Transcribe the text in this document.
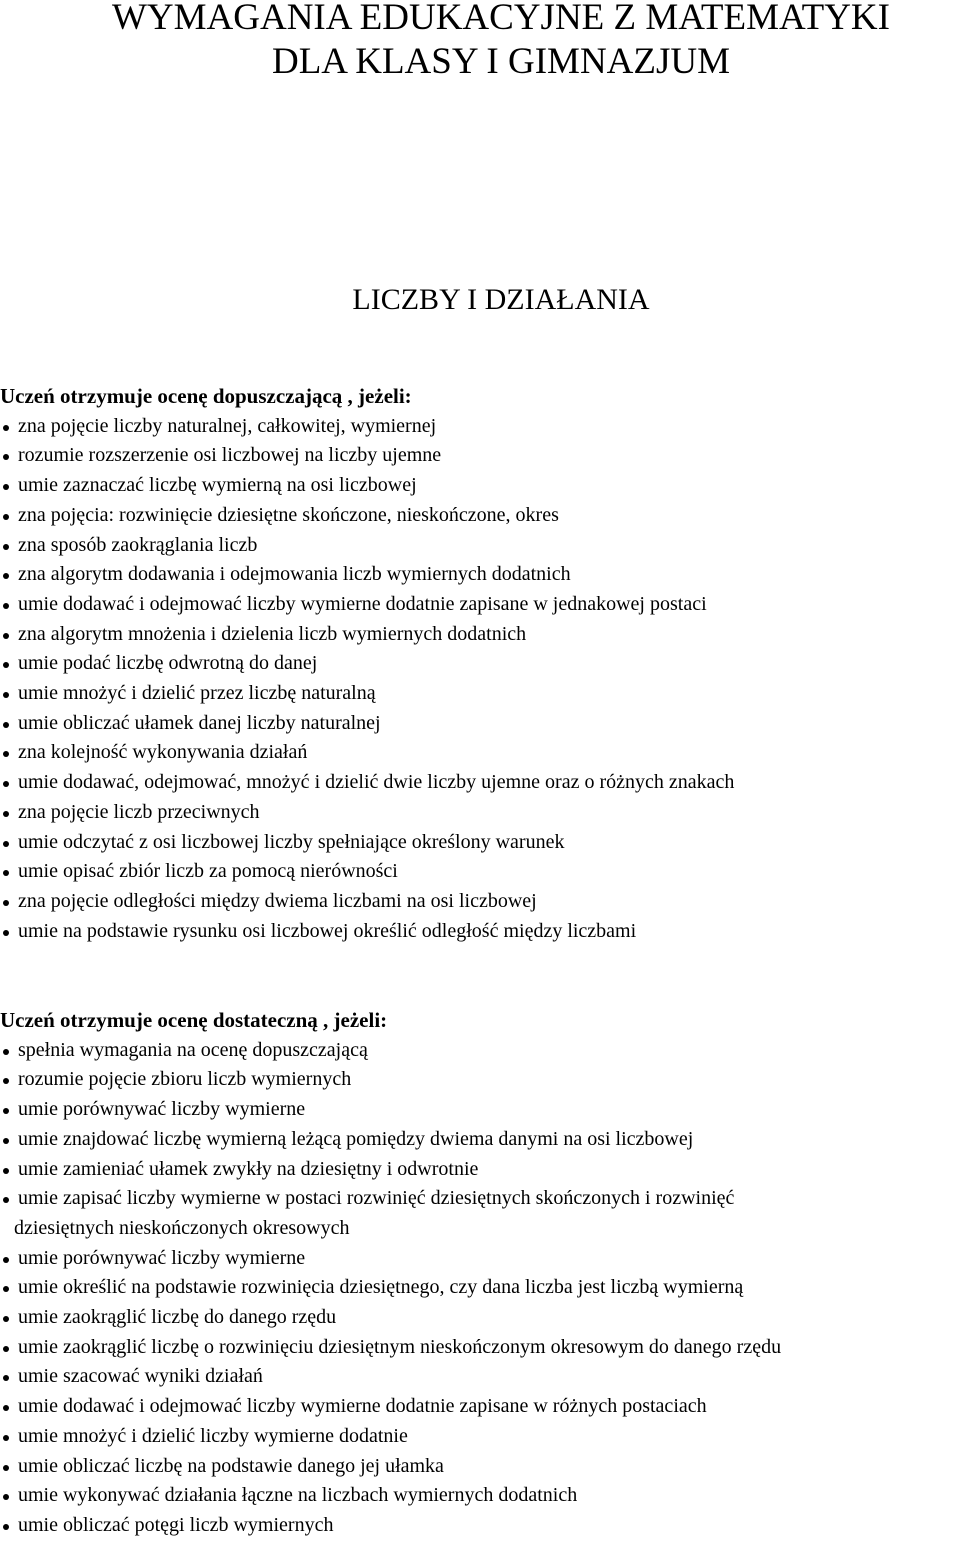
WYMAGANIA EDUKACYJNE Z MATEMATYKI
DLA KLASY I GIMNAZJUM
LICZBY I DZIAŁANIA

Uczeń otrzymuje ocenę dopuszczającą , jeżeli:

zna pojęcie liczby naturalnej, całkowitej, wymiernej
rozumie rozszerzenie osi liczbowej na liczby ujemne
umie zaznaczać liczbę wymierną na osi liczbowej
zna pojęcia: rozwinięcie dziesiętne skończone, nieskończone, okres
zna sposób zaokrąglania liczb
zna algorytm dodawania i odejmowania liczb wymiernych dodatnich
umie dodawać i odejmować liczby wymierne dodatnie zapisane w jednakowej postaci
zna algorytm mnożenia i dzielenia liczb wymiernych dodatnich
umie podać liczbę odwrotną do danej
umie mnożyć i dzielić przez liczbę naturalną
umie obliczać ułamek danej liczby naturalnej
zna kolejność wykonywania działań
umie dodawać, odejmować, mnożyć i dzielić dwie liczby ujemne oraz o różnych znakach
zna pojęcie liczb przeciwnych
umie odczytać z osi liczbowej liczby spełniające określony warunek
umie opisać zbiór liczb za pomocą nierówności
zna pojęcie odległości między dwiema liczbami na osi liczbowej
umie na podstawie rysunku osi liczbowej określić odległość między liczbami

Uczeń otrzymuje ocenę dostateczną , jeżeli:

spełnia wymagania na ocenę dopuszczającą
rozumie pojęcie zbioru liczb wymiernych
umie porównywać liczby wymierne
umie znajdować liczbę wymierną leżącą pomiędzy dwiema danymi na osi liczbowej
umie zamieniać ułamek zwykły na dziesiętny i odwrotnie
umie zapisać liczby wymierne w postaci rozwinięć dziesiętnych skończonych i rozwinięć
dziesiętnych nieskończonych okresowych
umie porównywać liczby wymierne
umie określić na podstawie rozwinięcia dziesiętnego, czy dana liczba jest liczbą wymierną
umie zaokrąglić liczbę do danego rzędu
umie zaokrąglić liczbę o rozwinięciu dziesiętnym nieskończonym okresowym do danego rzędu
umie szacować wyniki działań
umie dodawać i odejmować liczby wymierne dodatnie zapisane w różnych postaciach
umie mnożyć i dzielić liczby wymierne dodatnie
umie obliczać liczbę na podstawie danego jej ułamka
umie wykonywać działania łączne na liczbach wymiernych dodatnich
umie obliczać potęgi liczb wymiernych
